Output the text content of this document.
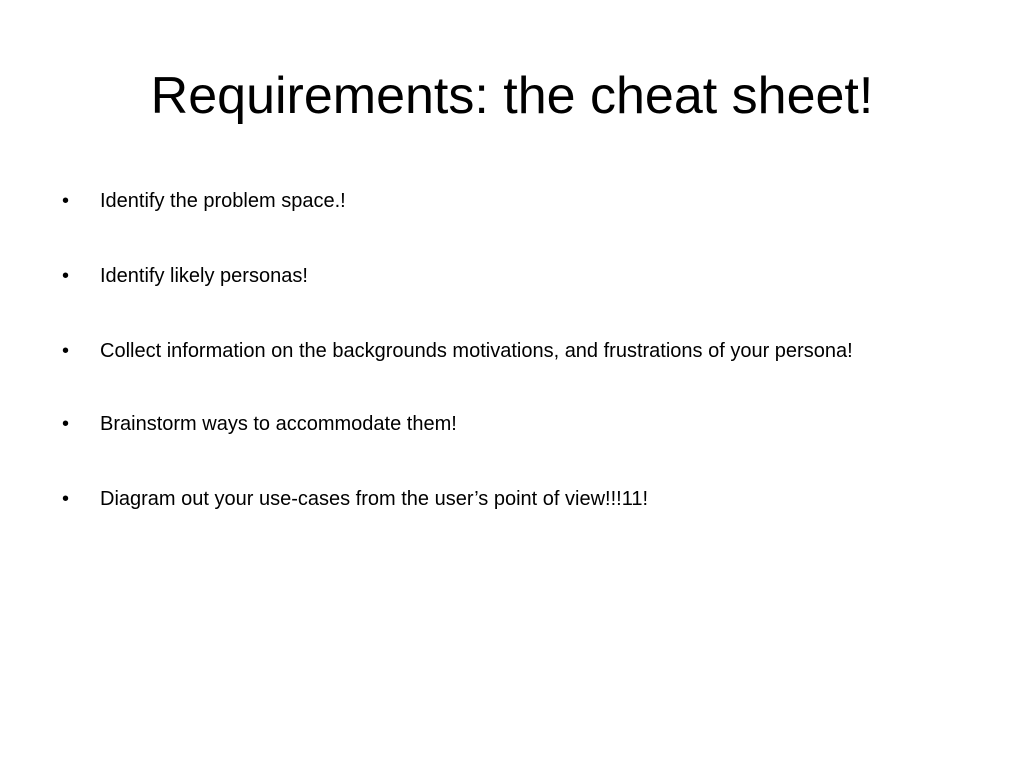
Requirements: the cheat sheet!
• Identify the problem space.!
• Identify likely personas!
• Collect information on the backgrounds motivations, and frustrations of your persona!
• Brainstorm ways to accommodate them!
• Diagram out your use-cases from the user’s point of view!!!11!
